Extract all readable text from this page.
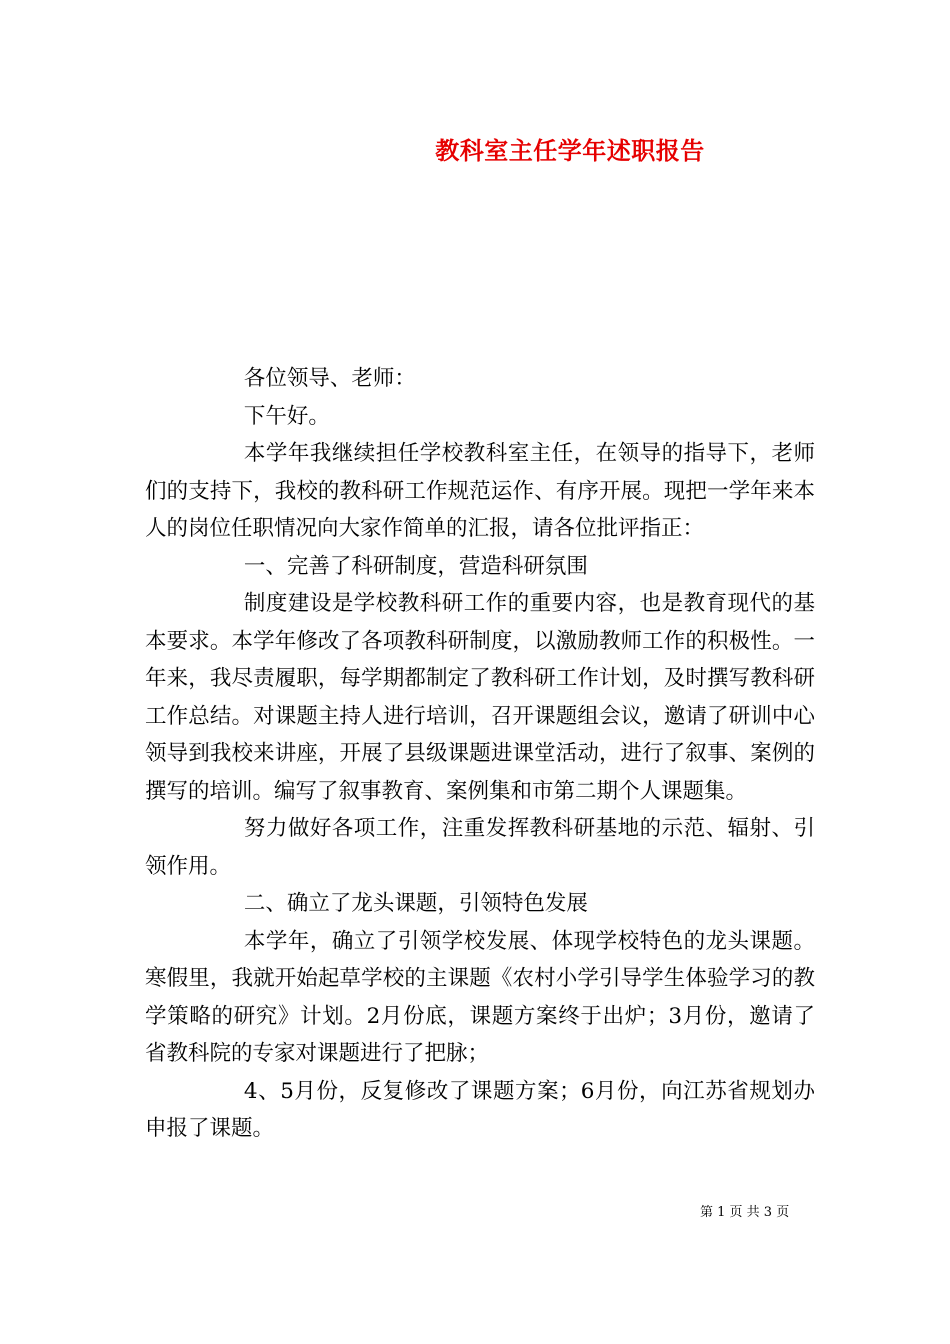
教科室主任学年述职报告

各位领导、老师：

下午好。

本学年我继续担任学校教科室主任，在领导的指导下，老师们的支持下，我校的教科研工作规范运作、有序开展。现把一学年来本人的岗位任职情况向大家作简单的汇报，请各位批评指正：

一、完善了科研制度，营造科研氛围

制度建设是学校教科研工作的重要内容，也是教育现代的基本要求。本学年修改了各项教科研制度，以激励教师工作的积极性。一年来，我尽责履职，每学期都制定了教科研工作计划，及时撰写教科研工作总结。对课题主持人进行培训，召开课题组会议，邀请了研训中心领导到我校来讲座，开展了县级课题进课堂活动，进行了叙事、案例的撰写的培训。编写了叙事教育、案例集和市第二期个人课题集。

努力做好各项工作，注重发挥教科研基地的示范、辐射、引领作用。

二、确立了龙头课题，引领特色发展

本学年，确立了引领学校发展、体现学校特色的龙头课题。寒假里，我就开始起草学校的主课题《农村小学引导学生体验学习的教学策略的研究》计划。2月份底，课题方案终于出炉；3月份，邀请了省教科院的专家对课题进行了把脉；

4、5月份，反复修改了课题方案；6月份，向江苏省规划办申报了课题。

第 1 页 共 3 页
